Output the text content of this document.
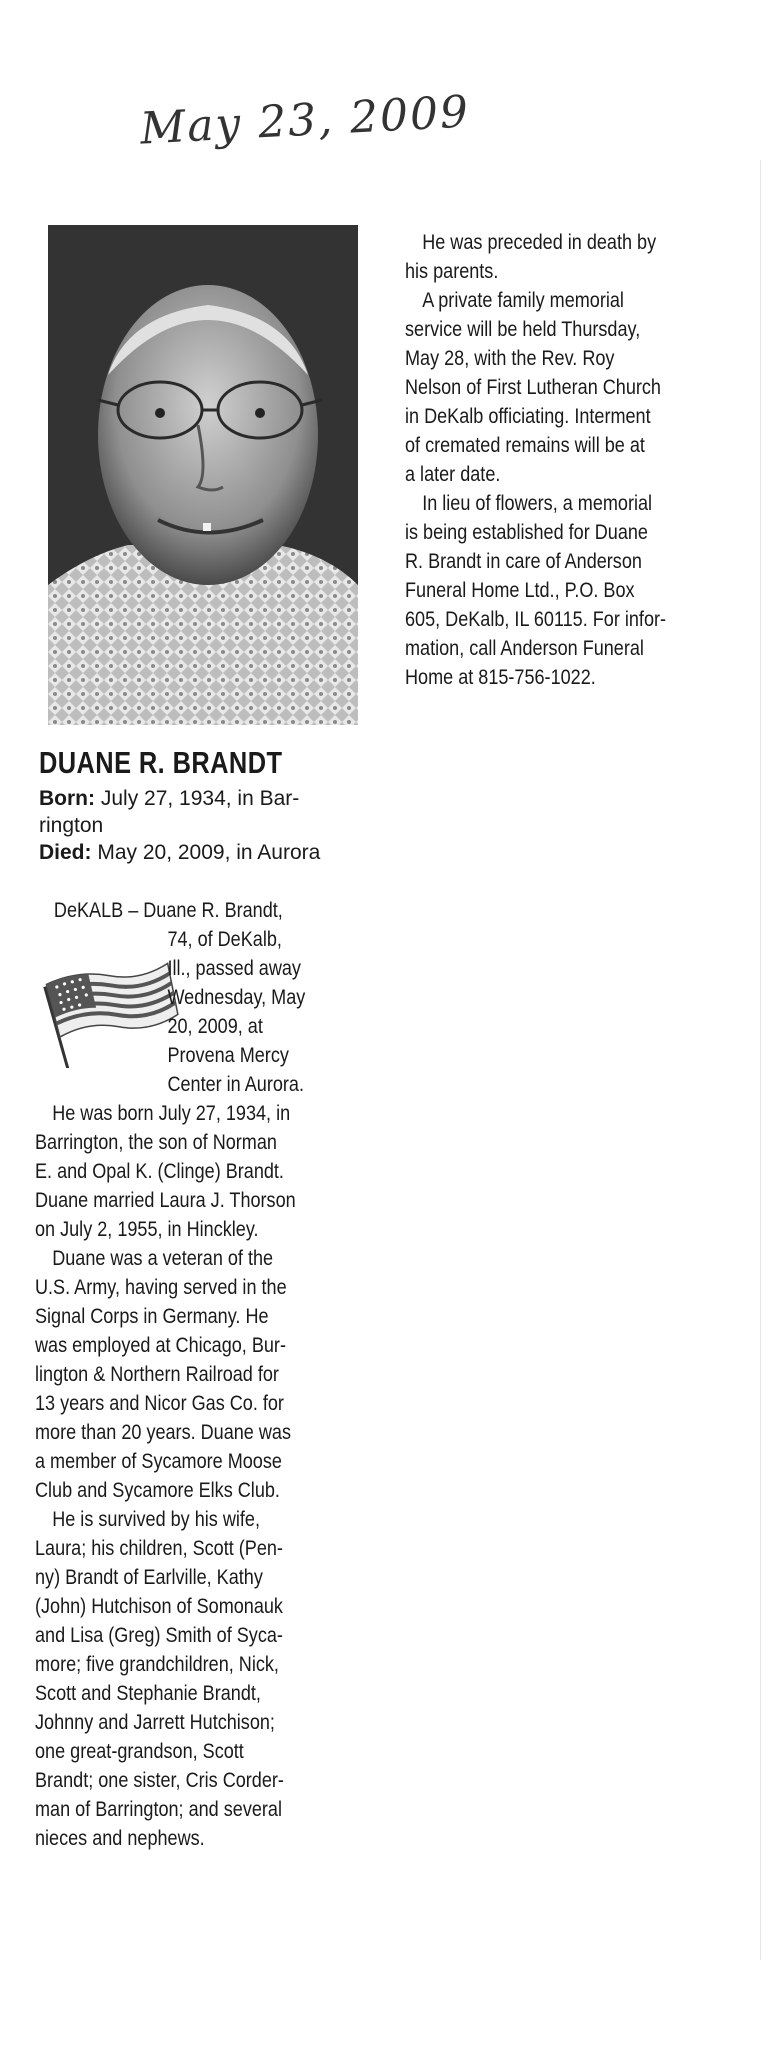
May 23, 2009
DUANE R. BRANDT
Born: July 27, 1934, in Bar-
rington
Died: May 20, 2009, in Aurora
DeKALB – Duane R. Brandt,
74, of DeKalb,
Ill., passed away
Wednesday, May
20, 2009, at
Provena Mercy
Center in Aurora.
He was born July 27, 1934, in
Barrington, the son of Norman
E. and Opal K. (Clinge) Brandt.
Duane married Laura J. Thorson
on July 2, 1955, in Hinckley.
Duane was a veteran of the
U.S. Army, having served in the
Signal Corps in Germany. He
was employed at Chicago, Bur-
lington & Northern Railroad for
13 years and Nicor Gas Co. for
more than 20 years. Duane was
a member of Sycamore Moose
Club and Sycamore Elks Club.
He is survived by his wife,
Laura; his children, Scott (Pen-
ny) Brandt of Earlville, Kathy
(John) Hutchison of Somonauk
and Lisa (Greg) Smith of Syca-
more; five grandchildren, Nick,
Scott and Stephanie Brandt,
Johnny and Jarrett Hutchison;
one great-grandson, Scott
Brandt; one sister, Cris Corder-
man of Barrington; and several
nieces and nephews.
He was preceded in death by
his parents.
A private family memorial
service will be held Thursday,
May 28, with the Rev. Roy
Nelson of First Lutheran Church
in DeKalb officiating. Interment
of cremated remains will be at
a later date.
In lieu of flowers, a memorial
is being established for Duane
R. Brandt in care of Anderson
Funeral Home Ltd., P.O. Box
605, DeKalb, IL 60115. For infor-
mation, call Anderson Funeral
Home at 815-756-1022.
